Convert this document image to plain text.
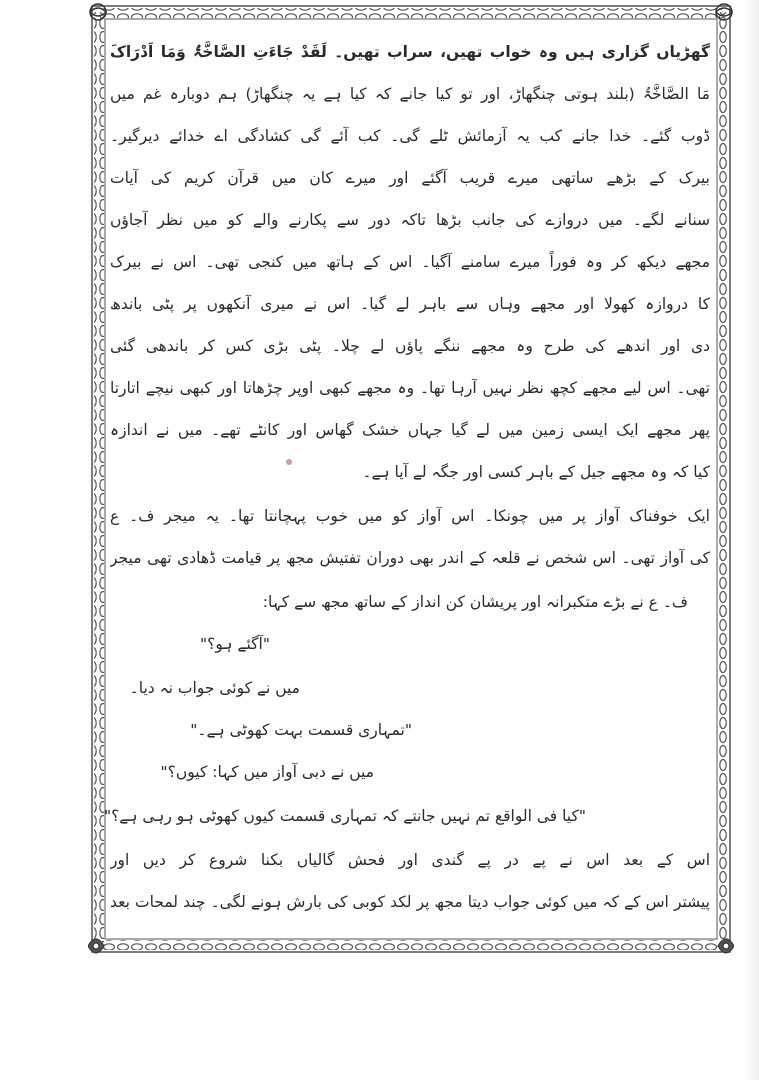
گھڑیاں گزاری ہیں وہ خواب تھیں، سراب تھیں۔ لَقَدْ جَاءَتِ الصَّاخَّۃُ وَمَا اَدْرَاکَ
مَا الصَّاخَّۃُ (بلند ہوتی چنگھاڑ، اور تو کیا جانے کہ کیا ہے یہ چنگھاڑ) ہم دوبارہ غم میں
ڈوب گئے۔ خدا جانے کب یہ آزمائش ٹلے گی۔ کب آئے گی کشادگی اے خدائے دیرگیر۔
بیرک کے بڑھے ساتھی میرے قریب آگئے اور میرے کان میں قرآن کریم کی آیات
سنانے لگے۔ میں دروازے کی جانب بڑھا تاکہ دور سے پکارنے والے کو میں نظر آجاؤں
مجھے دیکھ کر وہ فوراً میرے سامنے آگیا۔ اس کے ہاتھ میں کنجی تھی۔ اس نے بیرک
کا دروازہ کھولا اور مجھے وہاں سے باہر لے گیا۔ اس نے میری آنکھوں پر پٹی باندھ
دی اور اندھے کی طرح وہ مجھے ننگے پاؤں لے چلا۔ پٹی بڑی کس کر باندھی گئی
تھی۔ اس لیے مجھے کچھ نظر نہیں آرہا تھا۔ وہ مجھے کبھی اوپر چڑھاتا اور کبھی نیچے اتارتا
پھر مجھے ایک ایسی زمین میں لے گیا جہاں خشک گھاس اور کانٹے تھے۔ میں نے اندازہ
کیا کہ وہ مجھے جیل کے باہر کسی اور جگہ لے آیا ہے۔
ایک خوفناک آواز پر میں چونکا۔ اس آواز کو میں خوب پہچانتا تھا۔ یہ میجر ف۔ ع
کی آواز تھی۔ اس شخص نے قلعہ کے اندر بھی دوران تفتیش مجھ پر قیامت ڈھادی تھی میجر
ف۔ ع نے بڑے متکبرانہ اور پریشان کن انداز کے ساتھ مجھ سے کہا:
"آگئے ہو؟"
میں نے کوئی جواب نہ دیا۔
"تمہاری قسمت بہت کھوٹی ہے۔"
میں نے دبی آواز میں کہا: کیوں؟"
"کیا فی الواقع تم نہیں جانتے کہ تمہاری قسمت کیوں کھوٹی ہو رہی ہے؟"
اس کے بعد اس نے پے در پے گندی اور فحش گالیاں بکنا شروع کر دیں اور
پیشتر اس کے کہ میں کوئی جواب دیتا مجھ پر لکد کوبی کی بارش ہونے لگی۔ چند لمحات بعد
